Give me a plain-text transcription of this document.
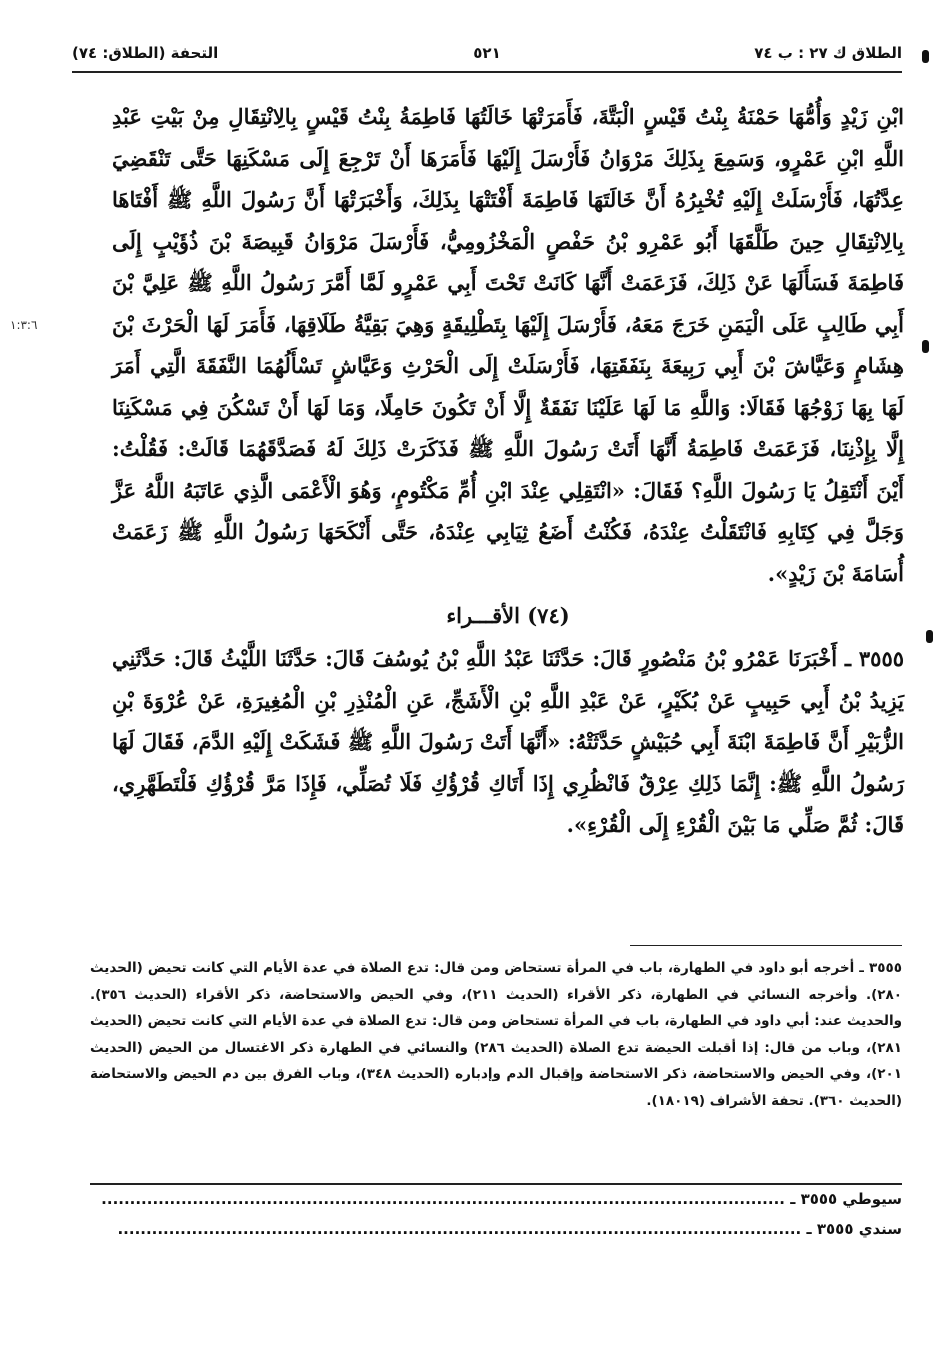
الطلاق ك ٢٧ : ب ٧٤
٥٢١
التحفة (الطلاق: ٧٤)
١:٣:٦

ابْنِ زَيْدٍ وَأُمُّهَا حَمْنَةُ بِنْتُ قَيْسٍ الْبَتَّةَ، فَأَمَرَتْهَا خَالَتُهَا فَاطِمَةُ بِنْتُ قَيْسٍ بِالِانْتِقَالِ مِنْ بَيْتِ عَبْدِ اللَّهِ ابْنِ عَمْرٍو، وَسَمِعَ بِذَلِكَ مَرْوَانُ فَأَرْسَلَ إِلَيْهَا فَأَمَرَهَا أَنْ تَرْجِعَ إِلَى مَسْكَنِهَا حَتَّى تَنْقَضِيَ عِدَّتُهَا، فَأَرْسَلَتْ إِلَيْهِ تُخْبِرُهُ أَنَّ خَالَتَهَا فَاطِمَةَ أَفْتَتْهَا بِذَلِكَ، وَأَخْبَرَتْهَا أَنَّ رَسُولَ اللَّهِ ﷺ أَفْتَاهَا بِالِانْتِقَالِ حِينَ طَلَّقَهَا أَبُو عَمْرِو بْنُ حَفْصٍ الْمَخْزُومِيُّ، فَأَرْسَلَ مَرْوَانُ قَبِيصَةَ بْنَ ذُؤَيْبٍ إِلَى فَاطِمَةَ فَسَأَلَهَا عَنْ ذَلِكَ، فَزَعَمَتْ أَنَّهَا كَانَتْ تَحْتَ أَبِي عَمْرٍو لَمَّا أَمَّرَ رَسُولُ اللَّهِ ﷺ عَلِيَّ بْنَ أَبِي طَالِبٍ عَلَى الْيَمَنِ خَرَجَ مَعَهُ، فَأَرْسَلَ إِلَيْهَا بِتَطْلِيقَةٍ وَهِيَ بَقِيَّةُ طَلَاقِهَا، فَأَمَرَ لَهَا الْحَرْثَ بْنَ هِشَامٍ وَعَيَّاشَ بْنَ أَبِي رَبِيعَةَ بِنَفَقَتِهَا، فَأَرْسَلَتْ إِلَى الْحَرْثِ وَعَيَّاشٍ تَسْأَلُهُمَا النَّفَقَةَ الَّتِي أَمَرَ لَهَا بِهَا زَوْجُهَا فَقَالَا: وَاللَّهِ مَا لَهَا عَلَيْنَا نَفَقَةٌ إِلَّا أَنْ تَكُونَ حَامِلًا، وَمَا لَهَا أَنْ تَسْكُنَ فِي مَسْكَنِنَا إِلَّا بِإِذْنِنَا، فَزَعَمَتْ فَاطِمَةُ أَنَّهَا أَتَتْ رَسُولَ اللَّهِ ﷺ فَذَكَرَتْ ذَلِكَ لَهُ فَصَدَّقَهُمَا قَالَتْ: فَقُلْتُ: أَيْنَ أَنْتَقِلُ يَا رَسُولَ اللَّهِ؟ فَقَالَ: «انْتَقِلِي عِنْدَ ابْنِ أُمِّ مَكْتُومٍ، وَهُوَ الْأَعْمَى الَّذِي عَاتَبَهُ اللَّهُ عَزَّ وَجَلَّ فِي كِتَابِهِ فَانْتَقَلْتُ عِنْدَهُ، فَكُنْتُ أَضَعُ ثِيَابِي عِنْدَهُ، حَتَّى أَنْكَحَهَا رَسُولُ اللَّهِ ﷺ زَعَمَتْ أُسَامَةَ بْنَ زَيْدٍ».

(٧٤) الأقـــراء

٣٥٥٥ ـ أَخْبَرَنَا عَمْرُو بْنُ مَنْصُورٍ قَالَ: حَدَّثَنَا عَبْدُ اللَّهِ بْنُ يُوسُفَ قَالَ: حَدَّثَنَا اللَّيْثُ قَالَ: حَدَّثَنِي يَزِيدُ بْنُ أَبِي حَبِيبٍ عَنْ بُكَيْرٍ، عَنْ عَبْدِ اللَّهِ بْنِ الْأَشَجِّ، عَنِ الْمُنْذِرِ بْنِ الْمُغِيرَةِ، عَنْ عُرْوَةَ بْنِ الزُّبَيْرِ أَنَّ فَاطِمَةَ ابْنَةَ أَبِي حُبَيْشٍ حَدَّثَتْهُ: «أَنَّهَا أَتَتْ رَسُولَ اللَّهِ ﷺ فَشَكَتْ إِلَيْهِ الدَّمَ، فَقَالَ لَهَا رَسُولُ اللَّهِ ﷺ: إِنَّمَا ذَلِكِ عِرْقٌ فَانْظُرِي إِذَا أَتَاكِ قُرْؤُكِ فَلَا تُصَلِّي، فَإِذَا مَرَّ قُرْؤُكِ فَلْتَطَهَّرِي، قَالَ: ثُمَّ صَلِّي مَا بَيْنَ الْقُرْءِ إِلَى الْقُرْءِ».

٣٥٥٥ ـ أخرجه أبو داود في الطهارة، باب في المرأة تستحاض ومن قال: تدع الصلاة في عدة الأيام التي كانت تحيض (الحديث ٢٨٠). وأخرجه النسائي في الطهارة، ذكر الأقراء (الحديث ٢١١)، وفي الحيض والاستحاضة، ذكر الأقراء (الحديث ٣٥٦). والحديث عند: أبي داود في الطهارة، باب في المرأة تستحاض ومن قال: تدع الصلاة في عدة الأيام التي كانت تحيض (الحديث ٢٨١)، وباب من قال: إذا أقبلت الحيضة تدع الصلاة (الحديث ٢٨٦) والنسائي في الطهارة ذكر الاغتسال من الحيض (الحديث ٢٠١)، وفي الحيض والاستحاضة، ذكر الاستحاضة وإقبال الدم وإدباره (الحديث ٣٤٨)، وباب الفرق بين دم الحيض والاستحاضة (الحديث ٣٦٠). تحفة الأشراف (١٨٠١٩).

سيوطي ٣٥٥٥ ـ ........................................................................................................................
سندي ٣٥٥٥ ـ ........................................................................................................................
